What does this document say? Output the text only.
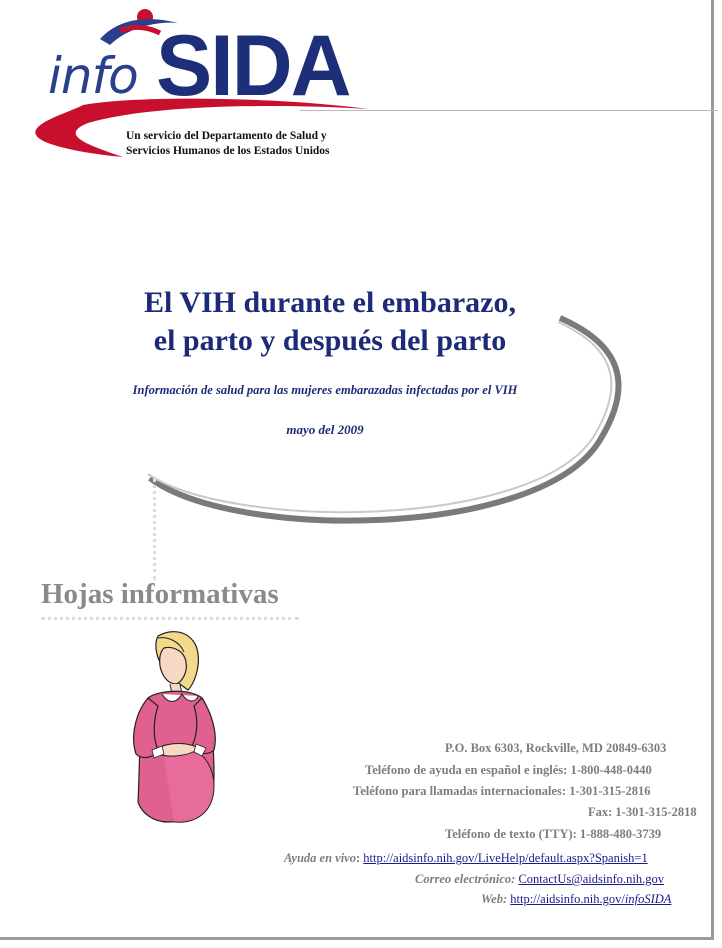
info SIDA
Un servicio del Departamento de Salud y
Servicios Humanos de los Estados Unidos
El VIH durante el embarazo,
el parto y después del parto
Información de salud para las mujeres embarazadas infectadas por el VIH
mayo del 2009
Hojas informativas
P.O. Box 6303, Rockville, MD 20849-6303
Teléfono de ayuda en español e inglés: 1-800-448-0440
Teléfono para llamadas internacionales: 1-301-315-2816
Fax: 1-301-315-2818
Teléfono de texto (TTY): 1-888-480-3739
Ayuda en vivo: http://aidsinfo.nih.gov/LiveHelp/default.aspx?Spanish=1
Correo electrónico: ContactUs@aidsinfo.nih.gov
Web: http://aidsinfo.nih.gov/infoSIDA
